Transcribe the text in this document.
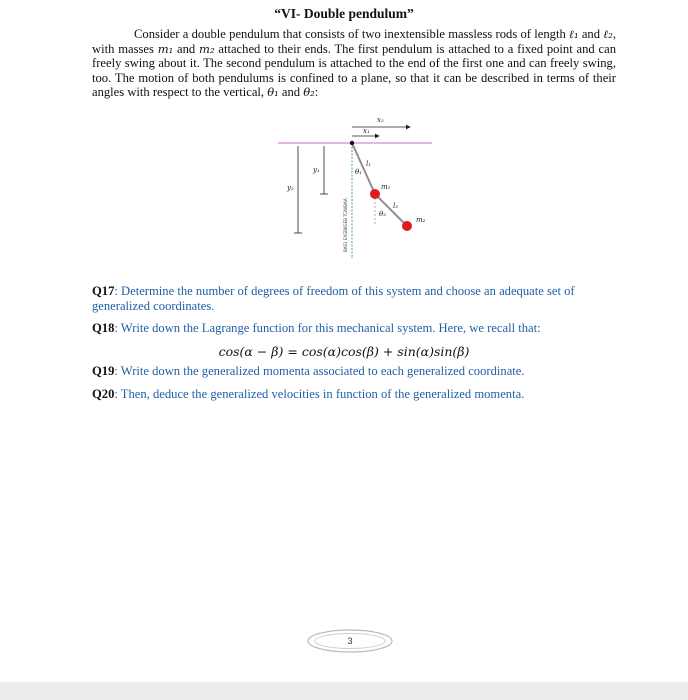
“VI- Double pendulum”
Consider a double pendulum that consists of two inextensible massless rods of length ℓ₁ and ℓ₂, with masses m₁ and m₂ attached to their ends. The first pendulum is attached to a fixed point and can freely swing about it. The second pendulum is attached to the end of the first one and can freely swing, too. The motion of both pendulums is confined to a plane, so that it can be described in terms of their angles with respect to the vertical, θ₁ and θ₂:
x₂
x₁
y₁
y₂
BAS1 EXGB8GEB TCAIIBAA
θ₁
θ₂
l₁
l₂
m₁
m₂
Q17: Determine the number of degrees of freedom of this system and choose an adequate set of generalized coordinates.
Q18: Write down the Lagrange function for this mechanical system. Here, we recall that:
cos(α − β) = cos(α)cos(β) + sin(α)sin(β)
Q19: Write down the generalized momenta associated to each generalized coordinate.
Q20: Then, deduce the generalized velocities in function of the generalized momenta.
3
